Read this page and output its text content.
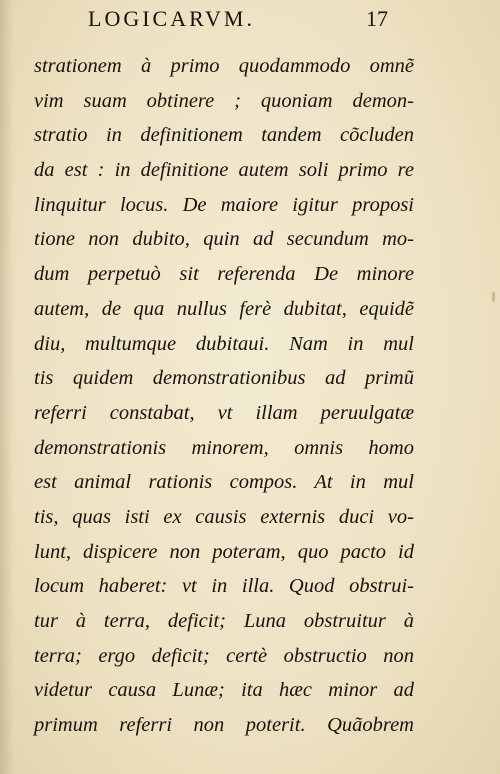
LOGICARVM.	17
strationem à primo quodammodo omnẽ
vim suam obtinere ; quoniam demon-
stratio in definitionem tandem cõcluden
da est : in definitione autem soli primo re
linquitur locus. De maiore igitur proposi
tione non dubito, quin ad secundum mo-
dum perpetuò sit referenda De minore
autem, de qua nullus ferè dubitat, equidẽ
diu, multumque dubitaui. Nam in mul
tis quidem demonstrationibus ad primũ
referri constabat, vt illam peruulgatæ
demonstrationis minorem, omnis homo
est animal rationis compos. At in mul
tis, quas isti ex causis externis duci vo-
lunt, dispicere non poteram, quo pacto id
locum haberet: vt in illa. Quod obstrui-
tur à terra, deficit; Luna obstruitur à
terra; ergo deficit; certè obstructio non
videtur causa Lunæ; ita hæc minor ad
primum referri non poterit. Quãobrem
